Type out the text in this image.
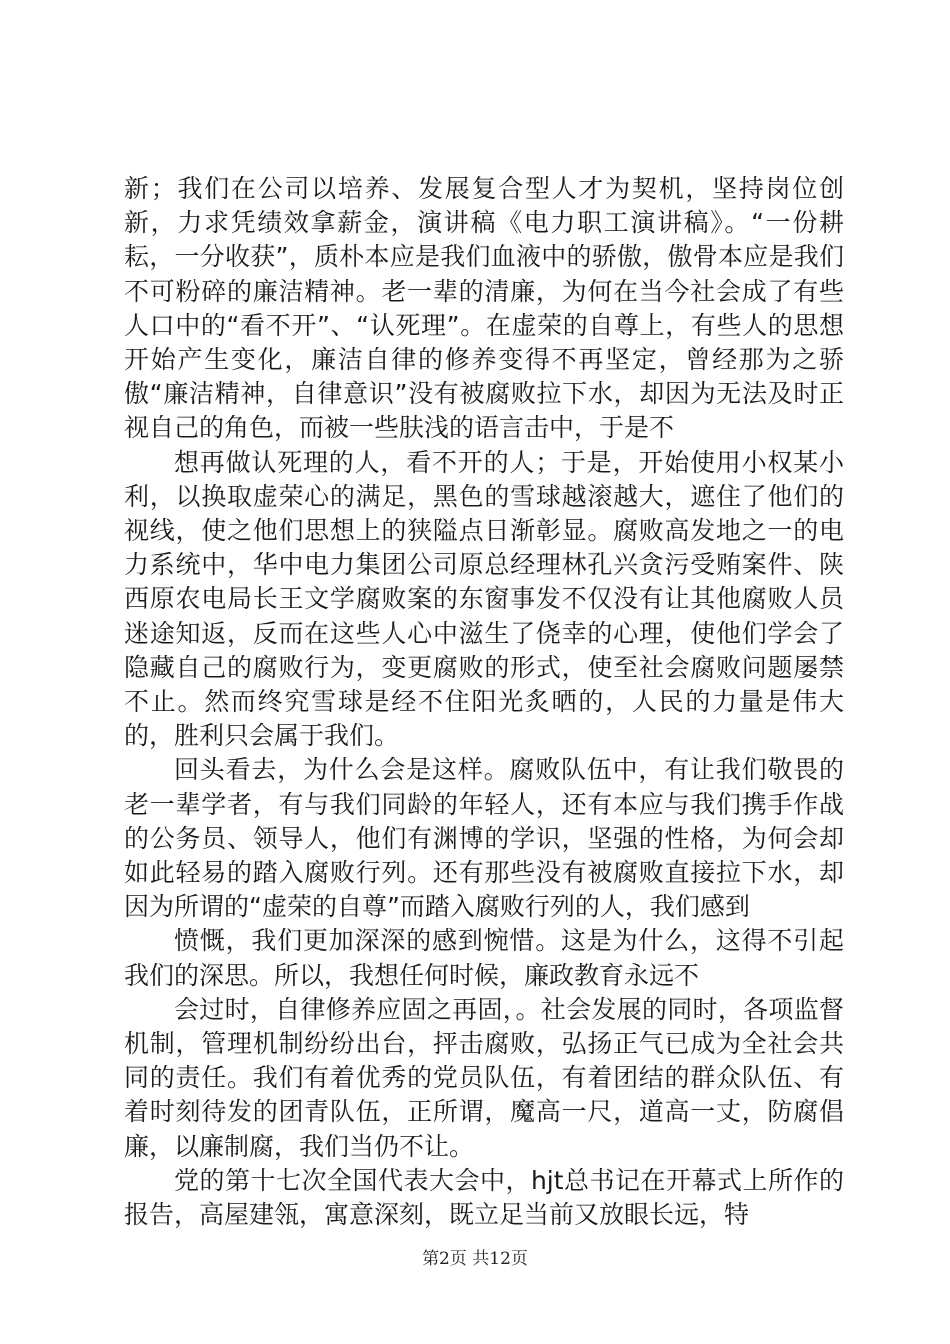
新；我们在公司以培养、发展复合型人才为契机，坚持岗位创新，力求凭绩效拿薪金，演讲稿《电力职工演讲稿》。“一份耕耘，一分收获”，质朴本应是我们血液中的骄傲，傲骨本应是我们不可粉碎的廉洁精神。老一辈的清廉，为何在当今社会成了有些人口中的“看不开”、“认死理”。在虚荣的自尊上，有些人的思想开始产生变化，廉洁自律的修养变得不再坚定，曾经那为之骄傲“廉洁精神，自律意识”没有被腐败拉下水，却因为无法及时正视自己的角色，而被一些肤浅的语言击中，于是不

想再做认死理的人，看不开的人；于是，开始使用小权某小利，以换取虚荣心的满足，黑色的雪球越滚越大，遮住了他们的视线，使之他们思想上的狭隘点日渐彰显。腐败高发地之一的电力系统中，华中电力集团公司原总经理林孔兴贪污受贿案件、陕西原农电局长王文学腐败案的东窗事发不仅没有让其他腐败人员迷途知返，反而在这些人心中滋生了侥幸的心理，使他们学会了隐藏自己的腐败行为，变更腐败的形式，使至社会腐败问题屡禁不止。然而终究雪球是经不住阳光炙晒的，人民的力量是伟大的，胜利只会属于我们。

回头看去，为什么会是这样。腐败队伍中，有让我们敬畏的老一辈学者，有与我们同龄的年轻人，还有本应与我们携手作战的公务员、领导人，他们有渊博的学识，坚强的性格，为何会却如此轻易的踏入腐败行列。还有那些没有被腐败直接拉下水，却因为所谓的“虚荣的自尊”而踏入腐败行列的人，我们感到

愤慨，我们更加深深的感到惋惜。这是为什么，这得不引起我们的深思。所以，我想任何时候，廉政教育永远不

会过时，自律修养应固之再固，。社会发展的同时，各项监督机制，管理机制纷纷出台，抨击腐败，弘扬正气已成为全社会共同的责任。我们有着优秀的党员队伍，有着团结的群众队伍、有着时刻待发的团青队伍，正所谓，魔高一尺，道高一丈，防腐倡廉，以廉制腐，我们当仍不让。

党的第十七次全国代表大会中，hjt总书记在开幕式上所作的报告，高屋建瓴，寓意深刻，既立足当前又放眼长远，特

第2页 共12页
